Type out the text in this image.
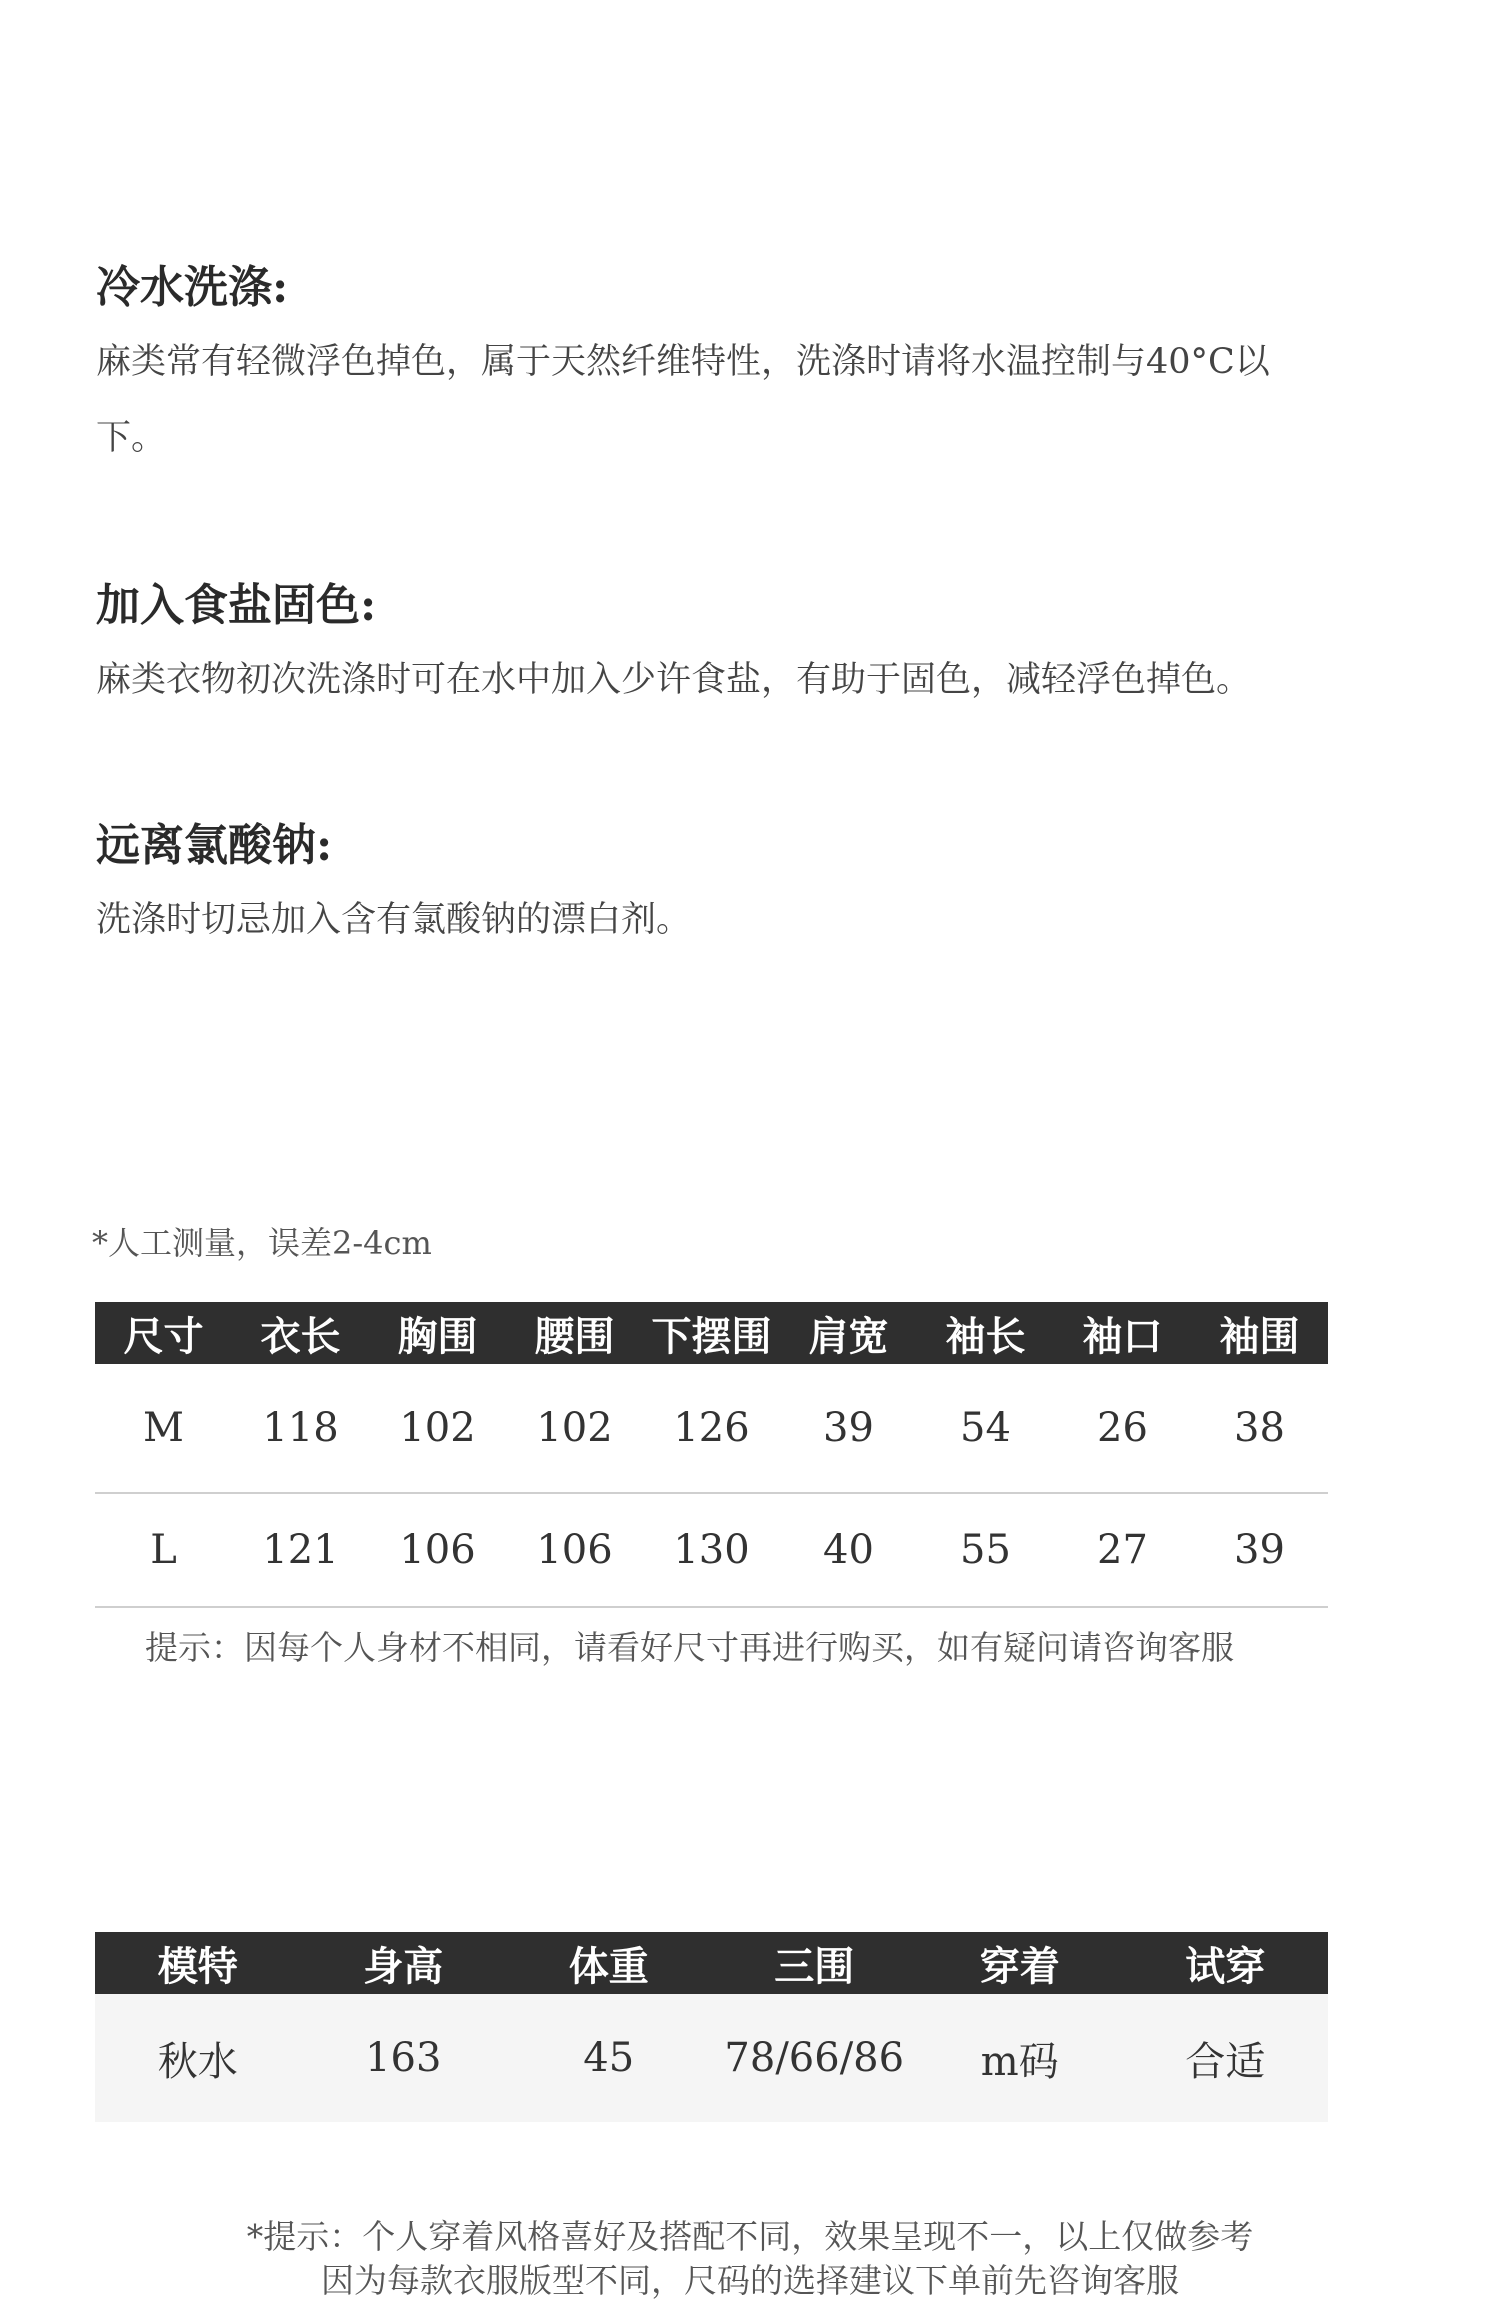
冷水洗涤:

麻类常有轻微浮色掉色，属于天然纤维特性，洗涤时请将水温控制与40°C以下。

加入食盐固色:

麻类衣物初次洗涤时可在水中加入少许食盐，有助于固色，减轻浮色掉色。

远离氯酸钠:

洗涤时切忌加入含有氯酸钠的漂白剂。

*人工测量，误差2-4cm
尺寸	衣长	胸围	腰围	下摆围	肩宽	袖长	袖口	袖围
M	118	102	102	126	39	54	26	38
L	121	106	106	130	40	55	27	39
提示：因每个人身材不相同，请看好尺寸再进行购买，如有疑问请咨询客服
模特	身高	体重	三围	穿着	试穿
秋水	163	45	78/66/86	m码	合适
*提示：个人穿着风格喜好及搭配不同，效果呈现不一，以上仅做参考
因为每款衣服版型不同，尺码的选择建议下单前先咨询客服
